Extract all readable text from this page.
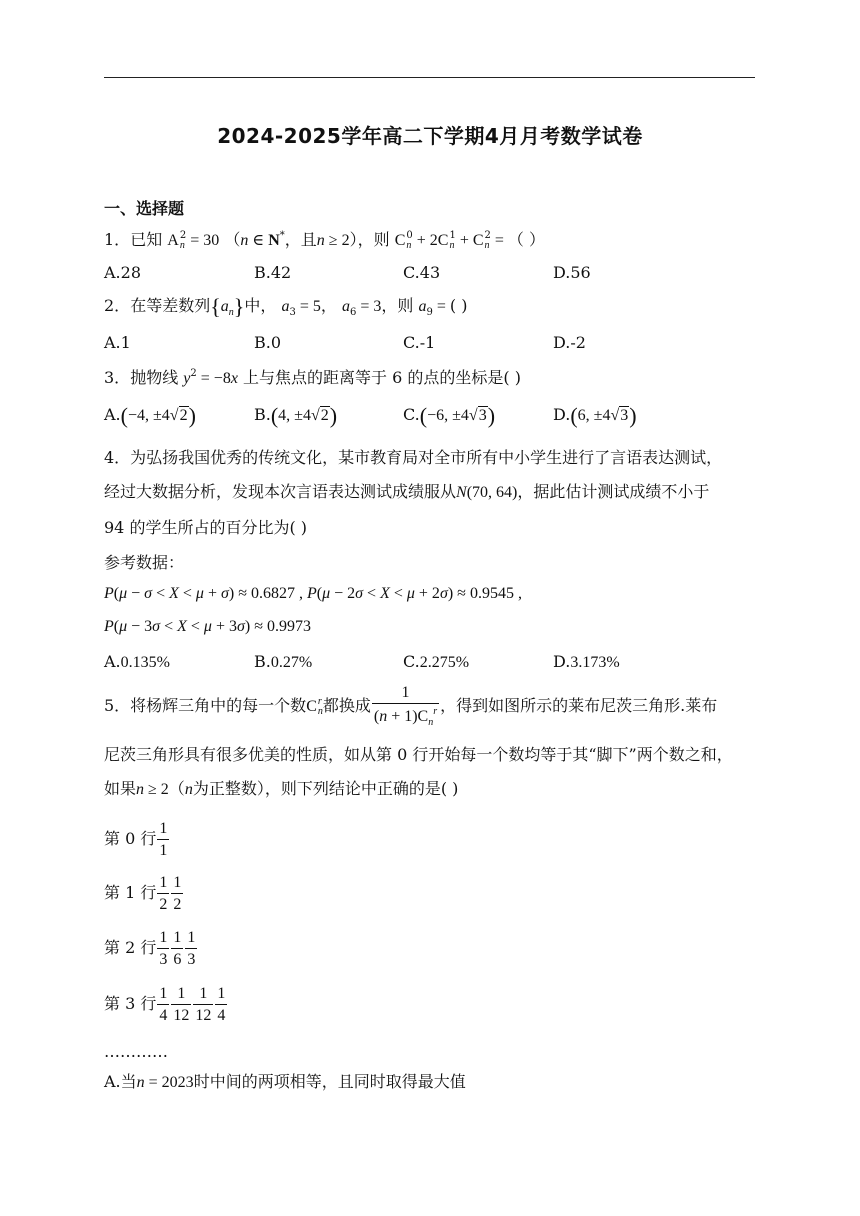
2024-2025学年高二下学期4月月考数学试卷
一、选择题
1．已知 A 2
n = 30 （n ∈ N*，且n ≥ 2），则 C 0
n + 2C 1
n + C 2
n = （ ）
A.28	B.42	C.43	D.56
2．在等差数列$\{a_n\}$中， $a_3 = 5$， $a_6 = 3$，则 $a_9$ = ( )
A.1	B.0	C.-1	D.-2
3．抛物线 $y^2 = -8x$ 上与焦点的距离等于 6 的点的坐标是( )
A.(−4, ±4√2)	B.(4, ±4√2)	C.(−6, ±4√3)	D.(6, ±4√3)
4．为弘扬我国优秀的传统文化，某市教育局对全市所有中小学生进行了言语表达测试，
经过大数据分析，发现本次言语表达测试成绩服从N(70, 64)，据此估计测试成绩不小于
94 的学生所占的百分比为( )
参考数据：
P(μ − σ < X < μ + σ) ≈ 0.6827 , P(μ − 2σ < X < μ + 2σ) ≈ 0.9545 ,
P(μ − 3σ < X < μ + 3σ) ≈ 0.9973
A.0.135%	B.0.27%	C.2.275%	D.3.173%
5．将杨辉三角中的每一个数C r
n 都换成 $\frac{1}{(n + 1)C_n^r}$ ，得到如图所示的莱布尼茨三角形.莱布
尼茨三角形具有很多优美的性质，如从第 0 行开始每一个数均等于其“脚下”两个数之和，
如果n ≥ 2（n为正整数），则下列结论中正确的是( )
第 0 行 $\frac{1}{1}$
第 1 行 $\frac{1}{2} \frac{1}{2}$
第 2 行 $\frac{1}{3} \frac{1}{6} \frac{1}{3}$
第 3 行 $\frac{1}{4} \frac{1}{12} \frac{1}{12} \frac{1}{4}$
…………
A.当n = 2023时中间的两项相等，且同时取得最大值
